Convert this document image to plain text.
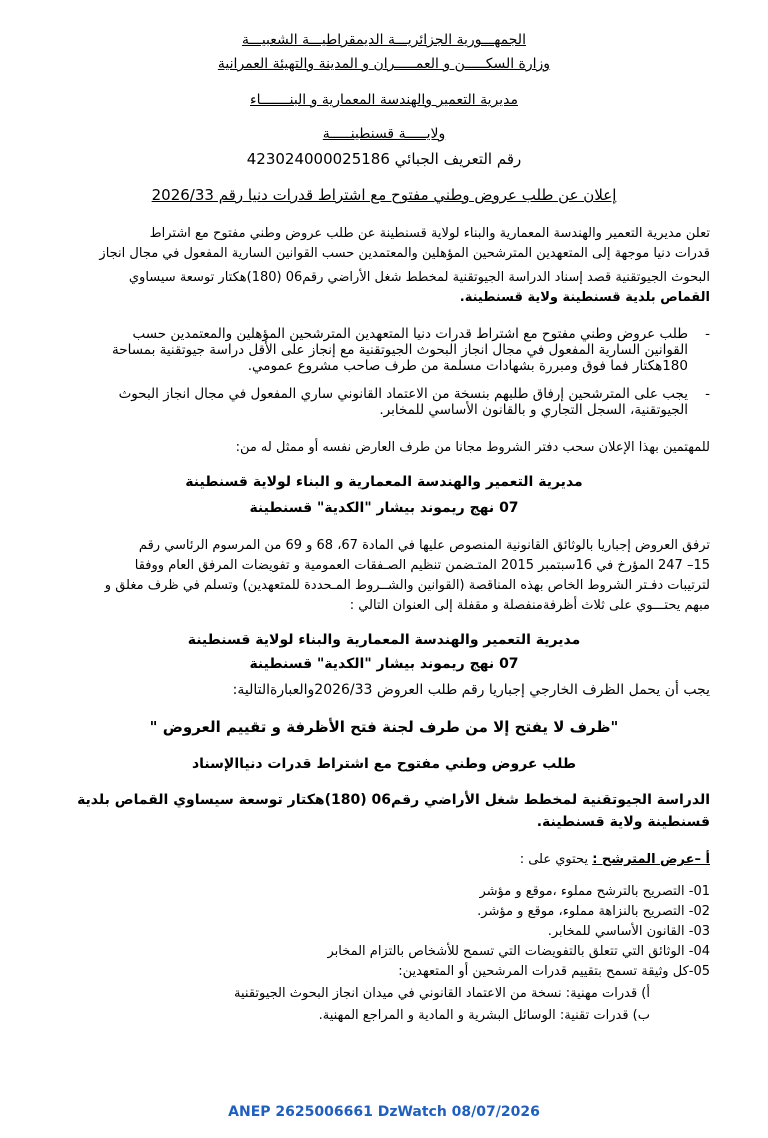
الجمهـــورية الجزائريـــة الديمقراطيـــة الشعبيـــة
وزارة السكـــــن و العمـــــران و المدينة والتهيئة العمرانية
مديرية التعمير والهندسة المعمارية و البنـــــــاء
ولايـــــة قسنطينـــــة
رقم التعريف الجبائي 423024000025186
إعلان عن طلب عروض وطني مفتوح مع اشتراط قدرات دنيا رقم 2026/33
تعلن مديرية التعمير والهندسة المعمارية والبناء لولاية قسنطينة عن طلب عروض وطني مفتوح مع اشتراط
قدرات دنيا موجهة إلى المتعهدين المترشحين المؤهلين والمعتمدين حسب القوانين السارية المفعول في مجال انجاز
البحوث الجيوتقنية قصد إسناد الدراسة الجيوتقنية لمخطط شغل الأراضي رقم06 (180)هكتار توسعة سيساوي
القماص بلدية قسنطينة ولاية قسنطينة.
-
طلب عروض وطني مفتوح مع اشتراط قدرات دنيا المتعهدين المترشحين المؤهلين والمعتمدين حسب
القوانين السارية المفعول في مجال انجاز البحوث الجيوتقنية مع إنجاز على الأقل دراسة جيوتقنية بمساحة
180هكتار فما فوق ومبررة بشهادات مسلمة من طرف صاحب مشروع عمومي.
-
يجب على المترشحين إرفاق طلبهم بنسخة من الاعتماد القانوني ساري المفعول في مجال انجاز البحوث
الجيوتقنية، السجل التجاري و بالقانون الأساسي للمخابر.
للمهتمين بهذا الإعلان سحب دفتر الشروط مجانا من طرف العارض نفسه أو ممثل له من:
مديرية التعمير والهندسة المعمارية و البناء لولاية قسنطينة
07 نهج ريموند بيشار "الكدية" قسنطينة
ترفق العروض إجباريا بالوثائق القانونية المنصوص عليها في المادة 67، 68 و 69 من المرسوم الرئاسي رقم
15– 247 المؤرخ في 16سبتمبر 2015 المتـضمن تنظيم الصـفقات العمومية و تفويضات المرفق العام ووفقا
لترتيبات دفـتر الشروط الخاص بهذه المناقصة (القوانين والشــروط المـحددة للمتعهدين) وتسلم في ظرف مغلق و
مبهم يحتـــوي على ثلاث أظرفةمنفصلة و مقفلة إلى العنوان التالي :
مديرية التعمير والهندسة المعمارية والبناء لولاية قسنطينة
07 نهج ريموند بيشار "الكدية" قسنطينة
يجب أن يحمل الظرف الخارجي إجباريا رقم طلب العروض 2026/33والعبارةالتالية:
"ظرف لا يفتح إلا من طرف لجنة فتح الأظرفة و تقييم العروض "
طلب عروض وطني مفتوح مع اشتراط قدرات دنياالإسناد
الدراسة الجيوتقنية لمخطط شغل الأراضي رقم06 (180)هكتار توسعة سيساوي القماص بلدية
قسنطينة ولاية قسنطينة.
أ –عرض المترشح : يحتوي على :
01- التصريح بالترشح مملوء ،موقع و مؤشر
02- التصريح بالنزاهة مملوء، موقع و مؤشر.
03- القانون الأساسي للمخابر.
04- الوثائق التي تتعلق بالتفويضات التي تسمح للأشخاص بالتزام المخابر
05-كل وثيقة تسمح بتقييم قدرات المرشحين أو المتعهدين:
أ) قدرات مهنية: نسخة من الاعتماد القانوني في ميدان انجاز البحوث الجيوتقنية
ب) قدرات تقنية: الوسائل البشرية و المادية و المراجع المهنية.
ANEP 2625006661 DzWatch 08/07/2026
